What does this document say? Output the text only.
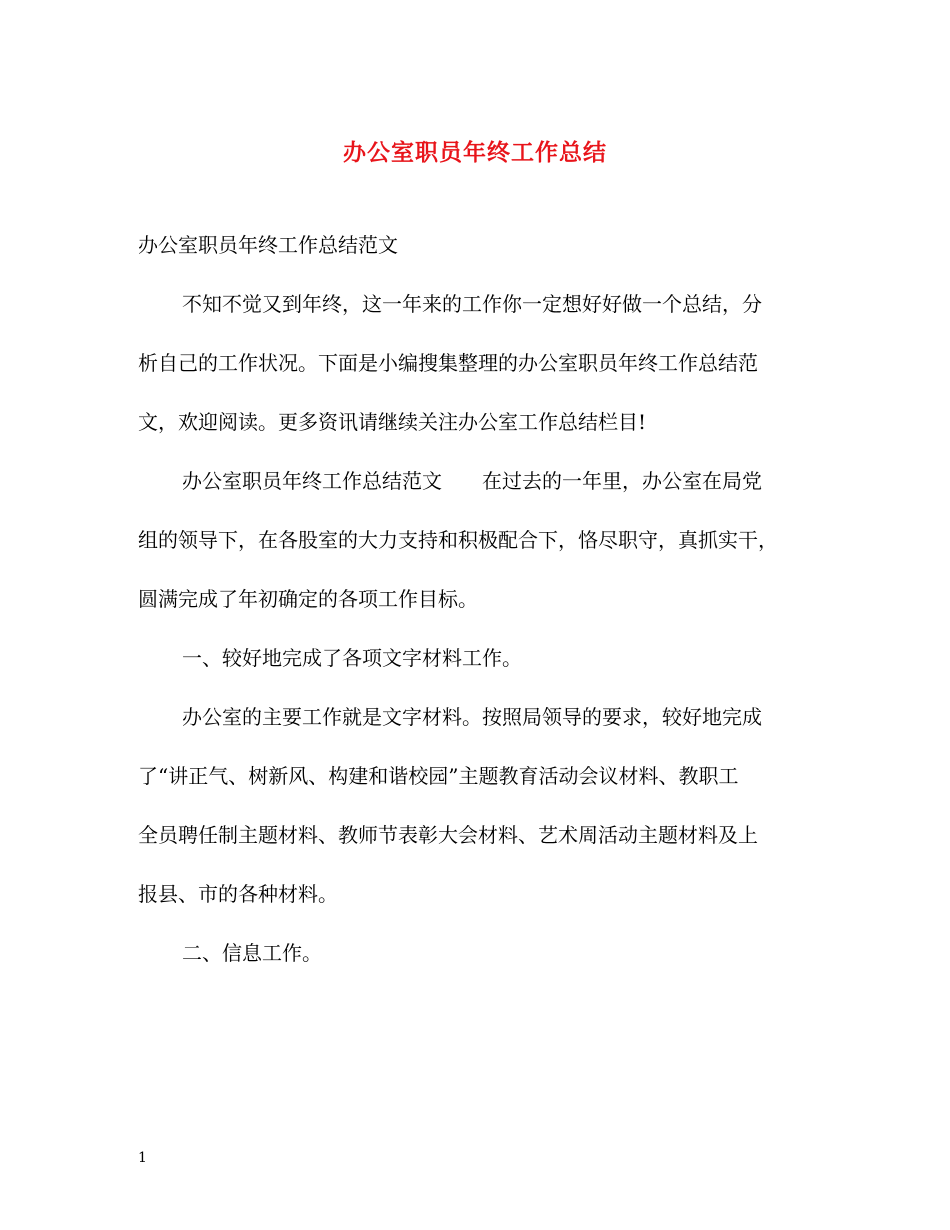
办公室职员年终工作总结

办公室职员年终工作总结范文

不知不觉又到年终，这一年来的工作你一定想好好做一个总结，分
析自己的工作状况。下面是小编搜集整理的办公室职员年终工作总结范
文，欢迎阅读。更多资讯请继续关注办公室工作总结栏目!

办公室职员年终工作总结范文　　在过去的一年里，办公室在局党
组的领导下，在各股室的大力支持和积极配合下，恪尽职守，真抓实干，
圆满完成了年初确定的各项工作目标。

一、较好地完成了各项文字材料工作。

办公室的主要工作就是文字材料。按照局领导的要求，较好地完成
了“讲正气、树新风、构建和谐校园”主题教育活动会议材料、教职工
全员聘任制主题材料、教师节表彰大会材料、艺术周活动主题材料及上
报县、市的各种材料。

二、信息工作。

1
